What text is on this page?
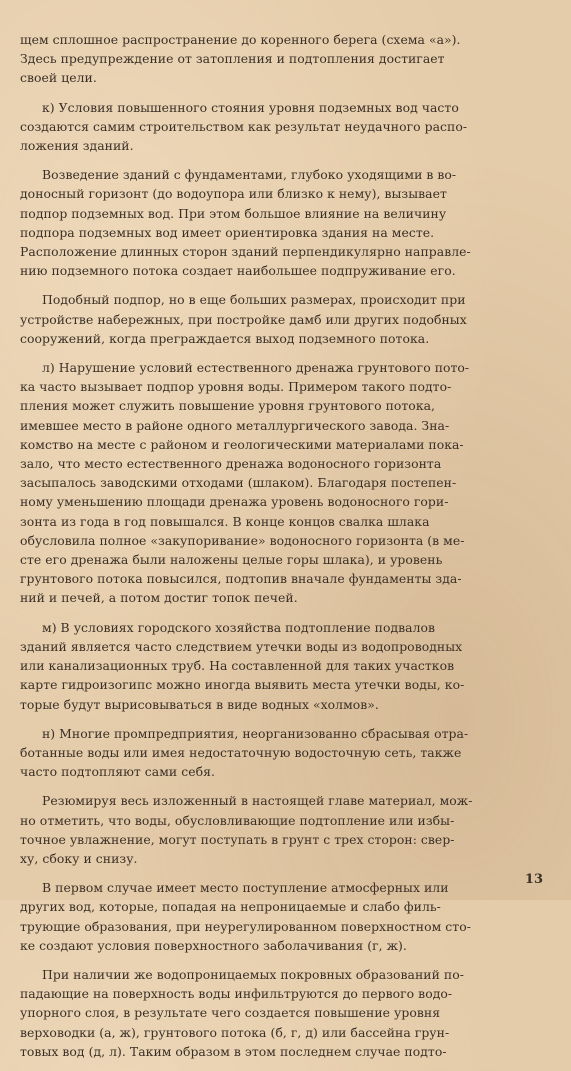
щем сплошное распространение до коренного берега (схема «а»).
Здесь предупреждение от затопления и подтопления достигает
своей цели.
к) Условия повышенного стояния уровня подземных вод часто
создаются самим строительством как результат неудачного распо-
ложения зданий.
Возведение зданий с фундаментами, глубоко уходящими в во-
доносный горизонт (до водоупора или близко к нему), вызывает
подпор подземных вод. При этом большое влияние на величину
подпора подземных вод имеет ориентировка здания на месте.
Расположение длинных сторон зданий перпендикулярно направле-
нию подземного потока создает наибольшее подпруживание его.
Подобный подпор, но в еще больших размерах, происходит при
устройстве набережных, при постройке дамб или других подобных
сооружений, когда преграждается выход подземного потока.
л) Нарушение условий естественного дренажа грунтового пото-
ка часто вызывает подпор уровня воды. Примером такого подто-
пления может служить повышение уровня грунтового потока,
имевшее место в районе одного металлургического завода. Зна-
комство на месте с районом и геологическими материалами пока-
зало, что место естественного дренажа водоносного горизонта
засыпалось заводскими отходами (шлаком). Благодаря постепен-
ному уменьшению площади дренажа уровень водоносного гори-
зонта из года в год повышался. В конце концов свалка шлака
обусловила полное «закупоривание» водоносного горизонта (в ме-
сте его дренажа были наложены целые горы шлака), и уровень
грунтового потока повысился, подтопив вначале фундаменты зда-
ний и печей, а потом достиг топок печей.
м) В условиях городского хозяйства подтопление подвалов
зданий является часто следствием утечки воды из водопроводных
или канализационных труб. На составленной для таких участков
карте гидроизогипс можно иногда выявить места утечки воды, ко-
торые будут вырисовываться в виде водных «холмов».
н) Многие промпредприятия, неорганизованно сбрасывая отра-
ботанные воды или имея недостаточную водосточную сеть, также
часто подтопляют сами себя.
Резюмируя весь изложенный в настоящей главе материал, мож-
но отметить, что воды, обусловливающие подтопление или избы-
точное увлажнение, могут поступать в грунт с трех сторон: свер-
ху, сбоку и снизу.
В первом случае имеет место поступление атмосферных или
других вод, которые, попадая на непроницаемые и слабо филь-
трующие образования, при неурегулированном поверхностном сто-
ке создают условия поверхностного заболачивания (г, ж).
При наличии же водопроницаемых покровных образований по-
падающие на поверхность воды инфильтруются до первого водо-
упорного слоя, в результате чего создается повышение уровня
верховодки (а, ж), грунтового потока (б, г, д) или бассейна грун-
товых вод (д, л). Таким образом в этом последнем случае подто-
13
